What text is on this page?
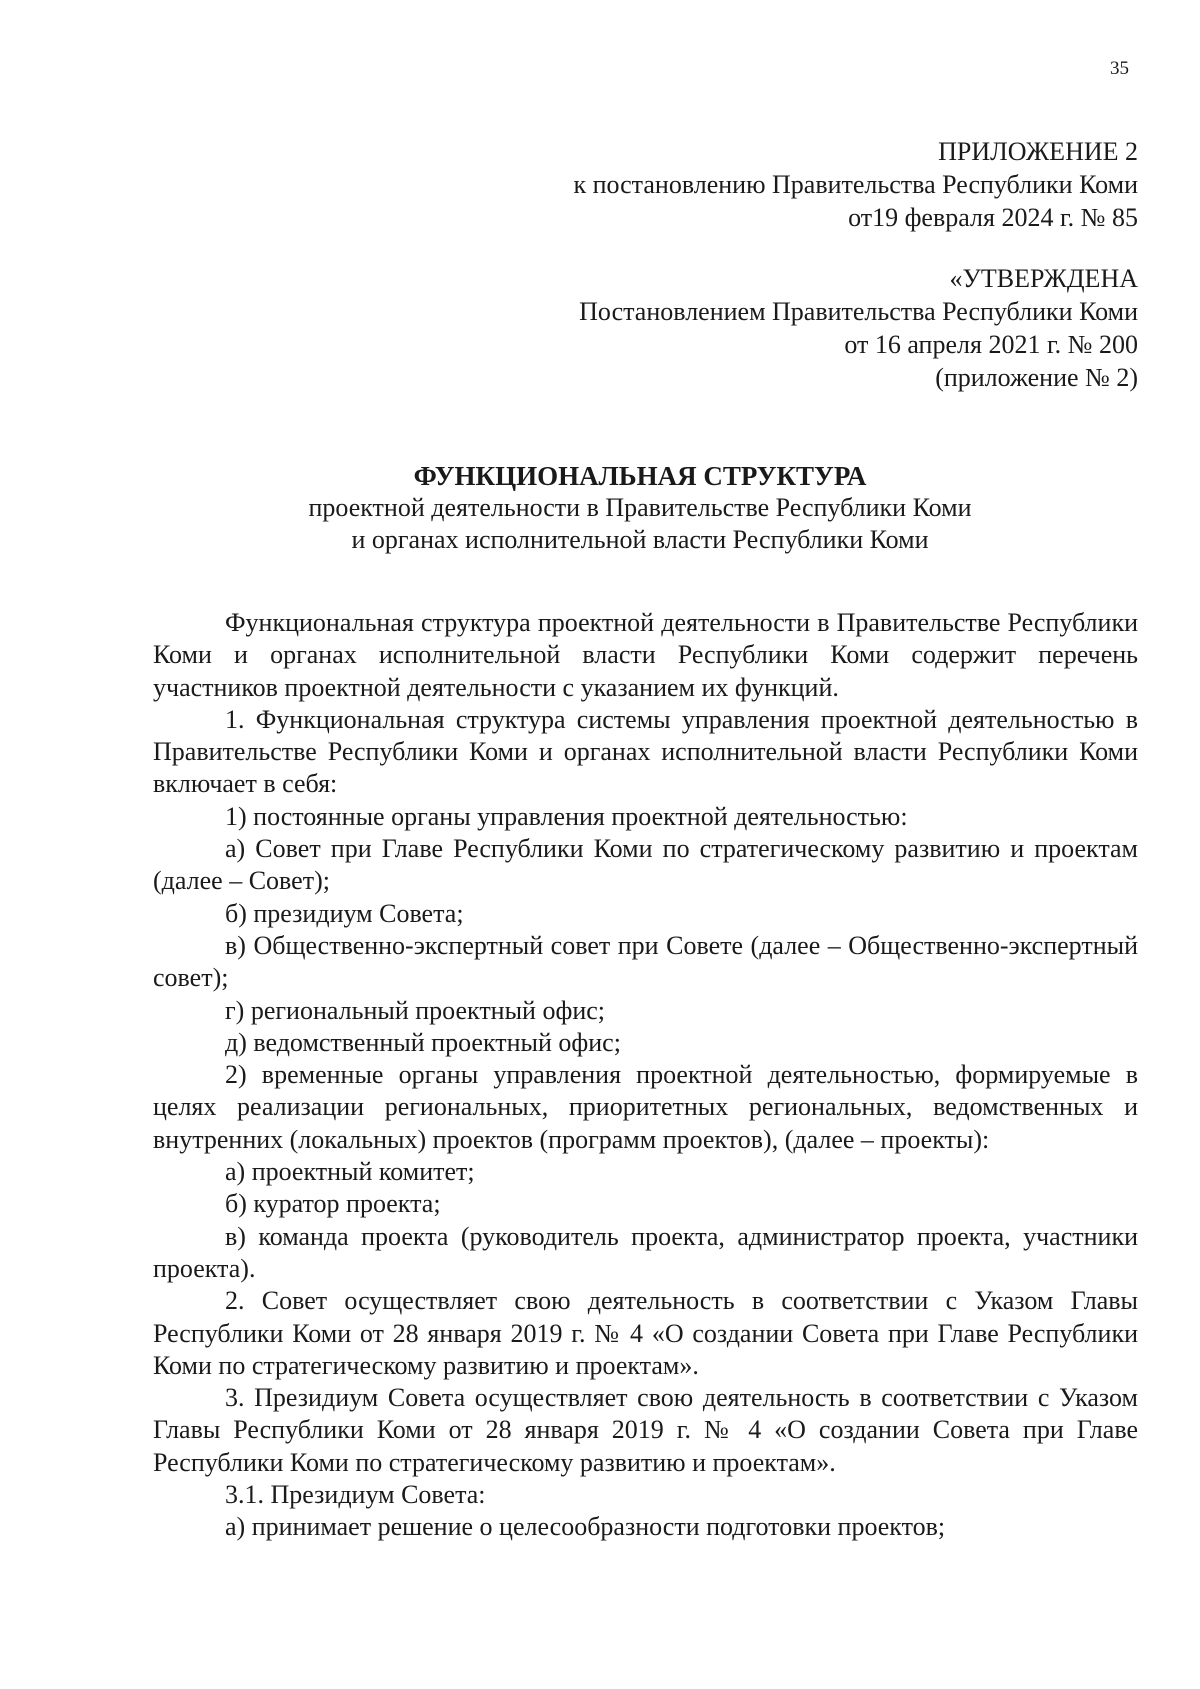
35
ПРИЛОЖЕНИЕ 2
к постановлению Правительства Республики Коми
от19 февраля 2024 г. № 85
«УТВЕРЖДЕНА
Постановлением Правительства Республики Коми
от 16 апреля 2021 г. № 200
(приложение № 2)
ФУНКЦИОНАЛЬНАЯ СТРУКТУРА
проектной деятельности в Правительстве Республики Коми
и органах исполнительной власти Республики Коми

Функциональная структура проектной деятельности в Правительстве Республики Коми и органах исполнительной власти Республики Коми содержит перечень участников проектной деятельности с указанием их функций.

1. Функциональная структура системы управления проектной деятельностью в Правительстве Республики Коми и органах исполнительной власти Республики Коми включает в себя:

1) постоянные органы управления проектной деятельностью:

а) Совет при Главе Республики Коми по стратегическому развитию и проектам (далее – Совет);

б) президиум Совета;

в) Общественно-экспертный совет при Совете (далее – Общественно-экспертный совет);

г) региональный проектный офис;

д) ведомственный проектный офис;

2) временные органы управления проектной деятельностью, формируемые в целях реализации региональных, приоритетных региональных, ведомственных и внутренних (локальных) проектов (программ проектов), (далее – проекты):

а) проектный комитет;

б) куратор проекта;

в) команда проекта (руководитель проекта, администратор проекта, участники проекта).

2. Совет осуществляет свою деятельность в соответствии с Указом Главы Республики Коми от 28 января 2019 г. № 4 «О создании Совета при Главе Республики Коми по стратегическому развитию и проектам».

3. Президиум Совета осуществляет свою деятельность в соответствии с Указом Главы Республики Коми от 28 января 2019 г. № 4 «О создании Совета при Главе Республики Коми по стратегическому развитию и проектам».

3.1. Президиум Совета:

а) принимает решение о целесообразности подготовки проектов;
